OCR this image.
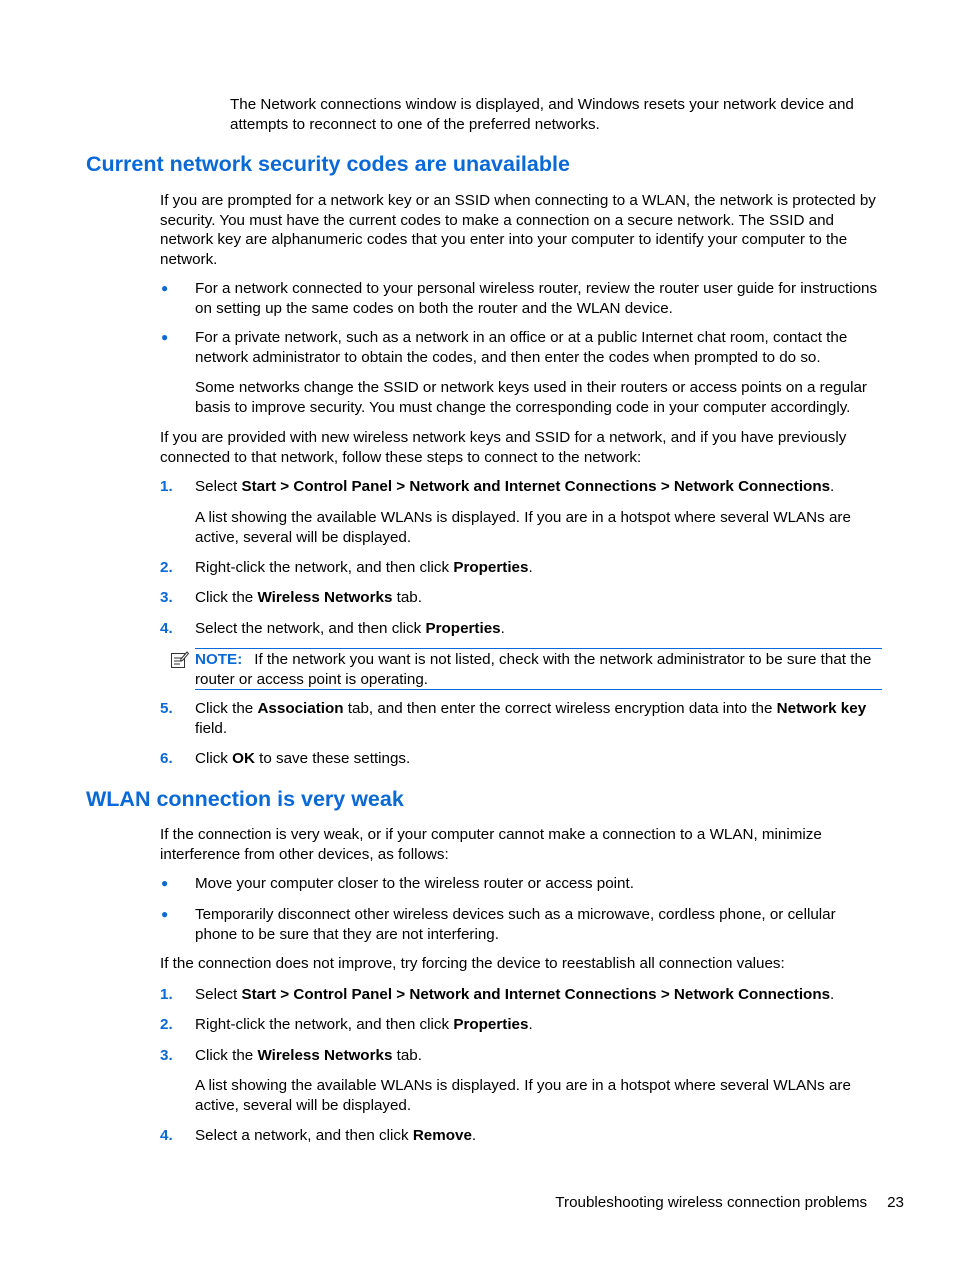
The Network connections window is displayed, and Windows resets your network device and attempts to reconnect to one of the preferred networks.

Current network security codes are unavailable

If you are prompted for a network key or an SSID when connecting to a WLAN, the network is protected by security. You must have the current codes to make a connection on a secure network. The SSID and network key are alphanumeric codes that you enter into your computer to identify your computer to the network.

● For a network connected to your personal wireless router, review the router user guide for instructions on setting up the same codes on both the router and the WLAN device.
● For a private network, such as a network in an office or at a public Internet chat room, contact the network administrator to obtain the codes, and then enter the codes when prompted to do so.

Some networks change the SSID or network keys used in their routers or access points on a regular basis to improve security. You must change the corresponding code in your computer accordingly.

If you are provided with new wireless network keys and SSID for a network, and if you have previously connected to that network, follow these steps to connect to the network:

1.	Select Start > Control Panel > Network and Internet Connections > Network Connections.

A list showing the available WLANs is displayed. If you are in a hotspot where several WLANs are active, several will be displayed.

2.	Right-click the network, and then click Properties.
3.	Click the Wireless Networks tab.
4.	Select the network, and then click Properties.
NOTE: If the network you want is not listed, check with the network administrator to be sure that the router or access point is operating.
5.	Click the Association tab, and then enter the correct wireless encryption data into the Network key field.
6.	Click OK to save these settings.
WLAN connection is very weak

If the connection is very weak, or if your computer cannot make a connection to a WLAN, minimize interference from other devices, as follows:

● Move your computer closer to the wireless router or access point.
● Temporarily disconnect other wireless devices such as a microwave, cordless phone, or cellular phone to be sure that they are not interfering.

If the connection does not improve, try forcing the device to reestablish all connection values:

1.	Select Start > Control Panel > Network and Internet Connections > Network Connections.
2.	Right-click the network, and then click Properties.
3.	Click the Wireless Networks tab.

A list showing the available WLANs is displayed. If you are in a hotspot where several WLANs are active, several will be displayed.

4.	Select a network, and then click Remove.
Troubleshooting wireless connection problems 23
